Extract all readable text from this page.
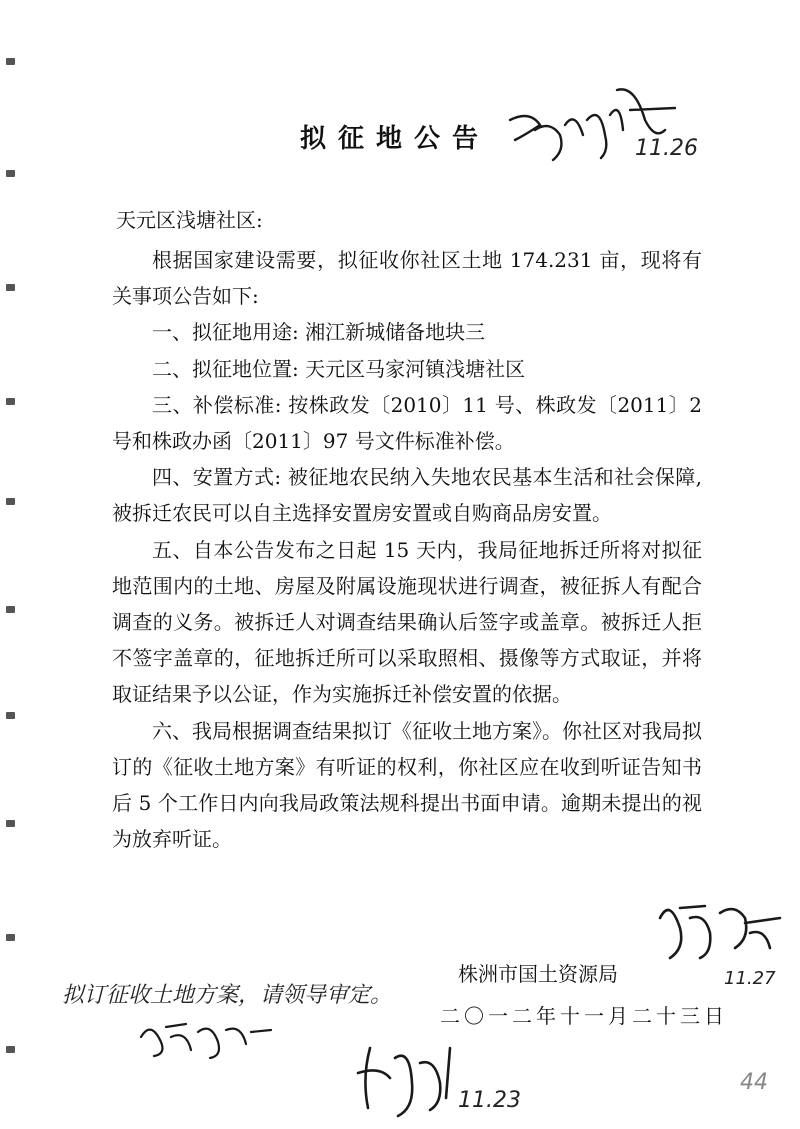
拟征地公告	11.26
天元区浅塘社区:

根据国家建设需要，拟征收你社区土地 174.231 亩，现将有关事项公告如下:

一、拟征地用途: 湘江新城储备地块三

二、拟征地位置: 天元区马家河镇浅塘社区

三、补偿标准: 按株政发〔2010〕11 号、株政发〔2011〕2 号和株政办函〔2011〕97 号文件标准补偿。

四、安置方式: 被征地农民纳入失地农民基本生活和社会保障, 被拆迁农民可以自主选择安置房安置或自购商品房安置。

五、自本公告发布之日起 15 天内，我局征地拆迁所将对拟征地范围内的土地、房屋及附属设施现状进行调查，被征拆人有配合调查的义务。被拆迁人对调查结果确认后签字或盖章。被拆迁人拒不签字盖章的，征地拆迁所可以采取照相、摄像等方式取证，并将取证结果予以公证，作为实施拆迁补偿安置的依据。

六、我局根据调查结果拟订《征收土地方案》。你社区对我局拟订的《征收土地方案》有听证的权利，你社区应在收到听证告知书后 5 个工作日内向我局政策法规科提出书面申请。逾期未提出的视为放弃听证。

11.27
株洲市国土资源局
二〇一二年十一月二十三日
拟订征收土地方案，请领导审定。
11.23
44
